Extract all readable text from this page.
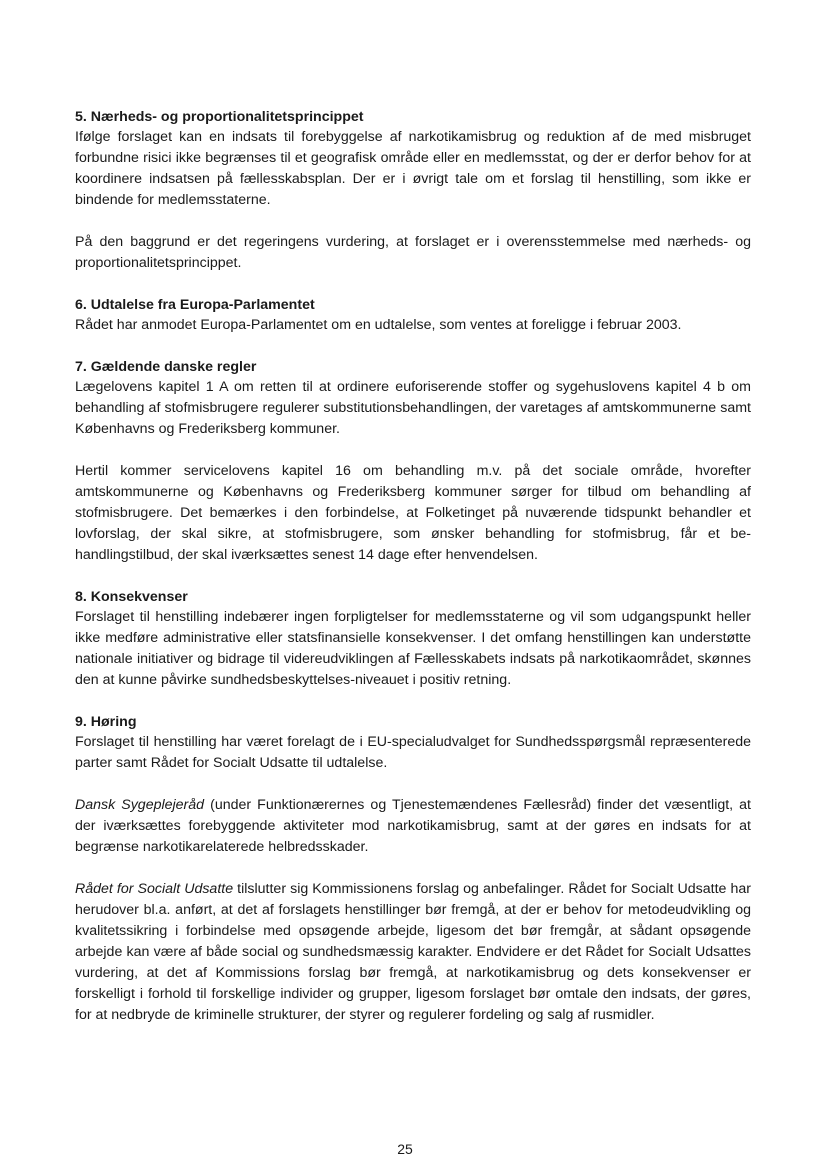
5. Nærheds- og proportionalitetsprincippet

Ifølge forslaget kan en indsats til forebyggelse af narkotikamisbrug og reduktion af de med misbruget forbundne risici ikke begrænses til et geografisk område eller en medlemsstat, og der er derfor behov for at koordinere indsatsen på fællesskabsplan. Der er i øvrigt tale om et forslag til henstilling, som ikke er bindende for medlemsstaterne.

På den baggrund er det regeringens vurdering, at forslaget er i overensstemmelse med nærheds- og proportionalitetsprincippet.

6. Udtalelse fra Europa-Parlamentet

Rådet har anmodet Europa-Parlamentet om en udtalelse, som ventes at foreligge i februar 2003.

7. Gældende danske regler

Lægelovens kapitel 1 A om retten til at ordinere euforiserende stoffer og sygehuslovens kapitel 4 b om behandling af stofmisbrugere regulerer substitutionsbehandlingen, der varetages af amtskommunerne samt Københavns og Frederiksberg kommuner.

Hertil kommer servicelovens kapitel 16 om behandling m.v. på det sociale område, hvorefter amtskommunerne og Københavns og Frederiksberg kommuner sørger for tilbud om behandling af stofmisbrugere. Det bemærkes i den forbindelse, at Folketinget på nuværende tidspunkt behandler et lovforslag, der skal sikre, at stofmisbrugere, som ønsker behandling for stofmisbrug, får et behandlingstilbud, der skal iværksættes senest 14 dage efter henvendelsen.

8. Konsekvenser

Forslaget til henstilling indebærer ingen forpligtelser for medlemsstaterne og vil som udgangspunkt heller ikke medføre administrative eller statsfinansielle konsekvenser. I det omfang henstillingen kan understøtte nationale initiativer og bidrage til videreudviklingen af Fællesskabets indsats på narkotikaområdet, skønnes den at kunne påvirke sundhedsbeskyttelses-niveauet i positiv retning.

9. Høring

Forslaget til henstilling har været forelagt de i EU-specialudvalget for Sundhedsspørgsmål repræsenterede parter samt Rådet for Socialt Udsatte til udtalelse.

Dansk Sygeplejeråd (under Funktionærernes og Tjenestemændenes Fællesråd) finder det væsentligt, at der iværksættes forebyggende aktiviteter mod narkotikamisbrug, samt at der gøres en indsats for at begrænse narkotikarelaterede helbredsskader.

Rådet for Socialt Udsatte tilslutter sig Kommissionens forslag og anbefalinger. Rådet for Socialt Udsatte har herudover bl.a. anført, at det af forslagets henstillinger bør fremgå, at der er behov for metodeudvikling og kvalitetssikring i forbindelse med opsøgende arbejde, ligesom det bør fremgår, at sådant opsøgende arbejde kan være af både social og sundhedsmæssig karakter. Endvidere er det Rådet for Socialt Udsattes vurdering, at det af Kommissions forslag bør fremgå, at narkotikamisbrug og dets konsekvenser er forskelligt i forhold til forskellige individer og grupper, ligesom forslaget bør omtale den indsats, der gøres, for at nedbryde de kriminelle strukturer, der styrer og regulerer fordeling og salg af rusmidler.

25
